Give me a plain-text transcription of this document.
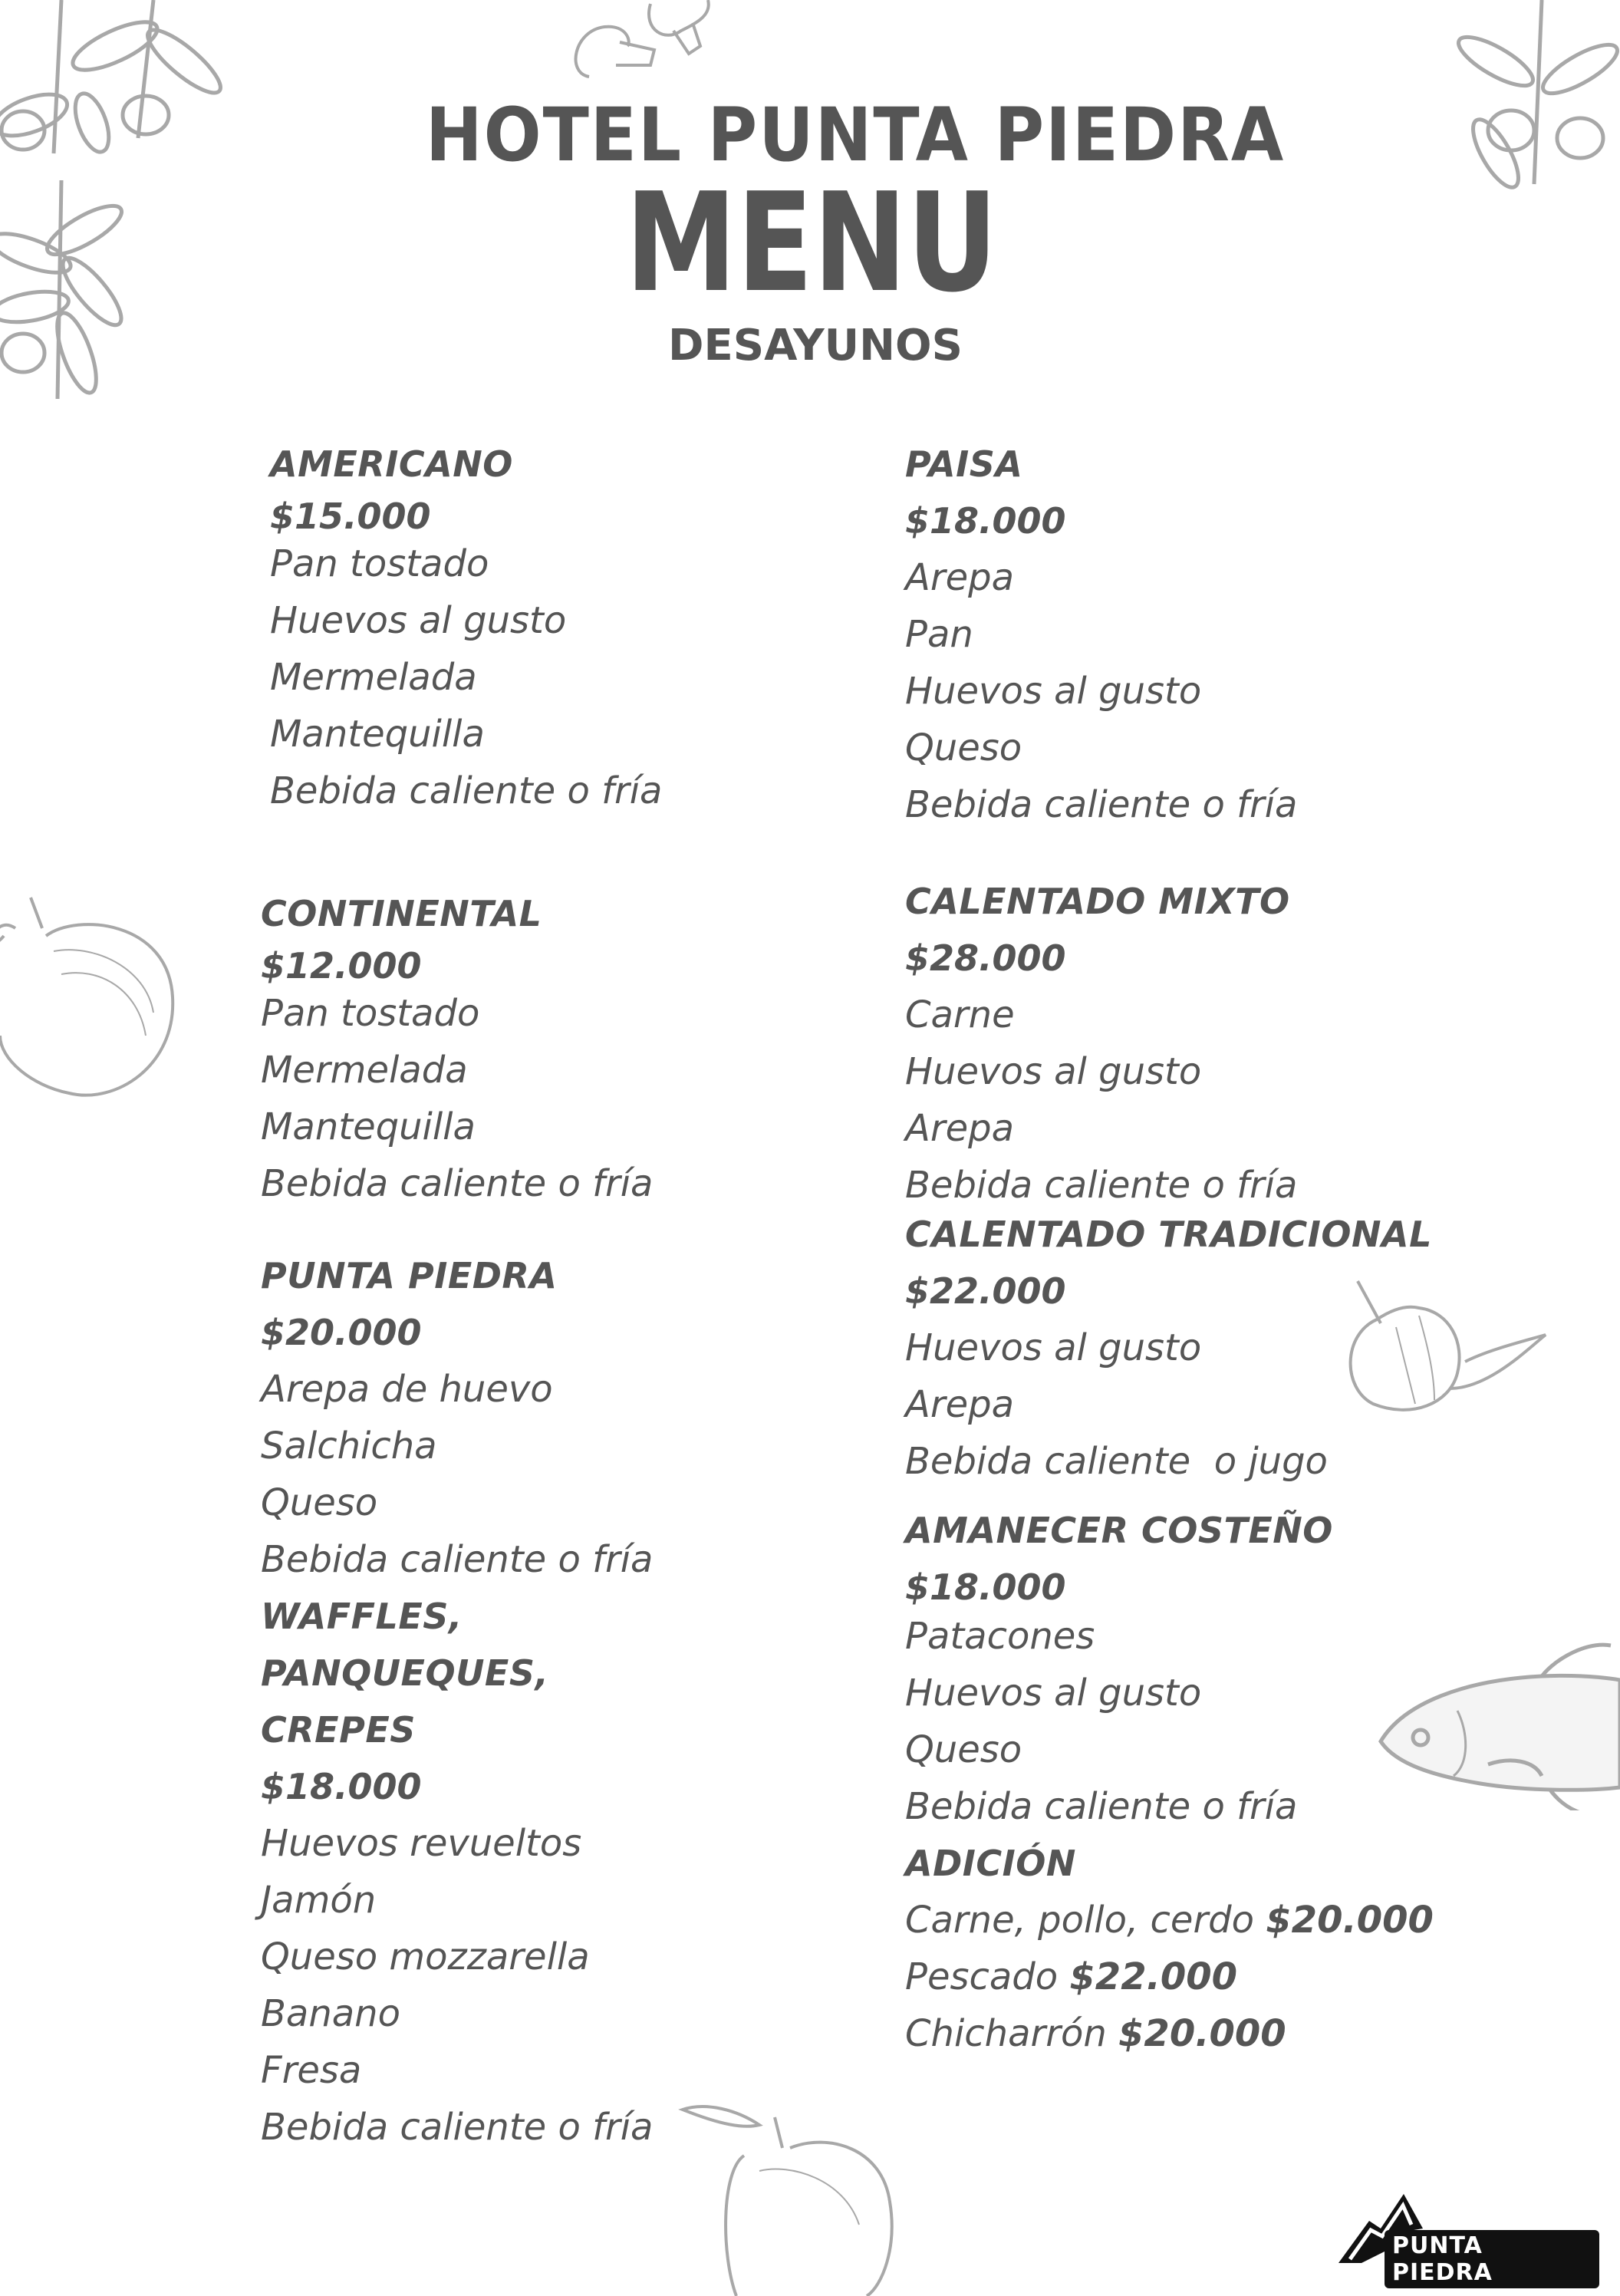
HOTEL PUNTA PIEDRA
MENU
DESAYUNOS
AMERICANO
$15.000
Pan tostado
Huevos al gusto
Mermelada
Mantequilla
Bebida caliente o fría
CONTINENTAL
$12.000
Pan tostado
Mermelada
Mantequilla
Bebida caliente o fría
PUNTA PIEDRA
$20.000
Arepa de huevo
Salchicha
Queso
Bebida caliente o fría
WAFFLES,
PANQUEQUES,
CREPES
$18.000
Huevos revueltos
Jamón
Queso mozzarella
Banano
Fresa
Bebida caliente o fría
PAISA
$18.000
Arepa
Pan
Huevos al gusto
Queso
Bebida caliente o fría
CALENTADO MIXTO
$28.000
Carne
Huevos al gusto
Arepa
Bebida caliente o fría
CALENTADO TRADICIONAL
$22.000
Huevos al gusto
Arepa
Bebida caliente  o jugo
AMANECER COSTEÑO
$18.000
Patacones
Huevos al gusto
Queso
Bebida caliente o fría
ADICIÓN
Carne, pollo, cerdo $20.000
Pescado $22.000
Chicharrón $20.000
PUNTA PIEDRA
